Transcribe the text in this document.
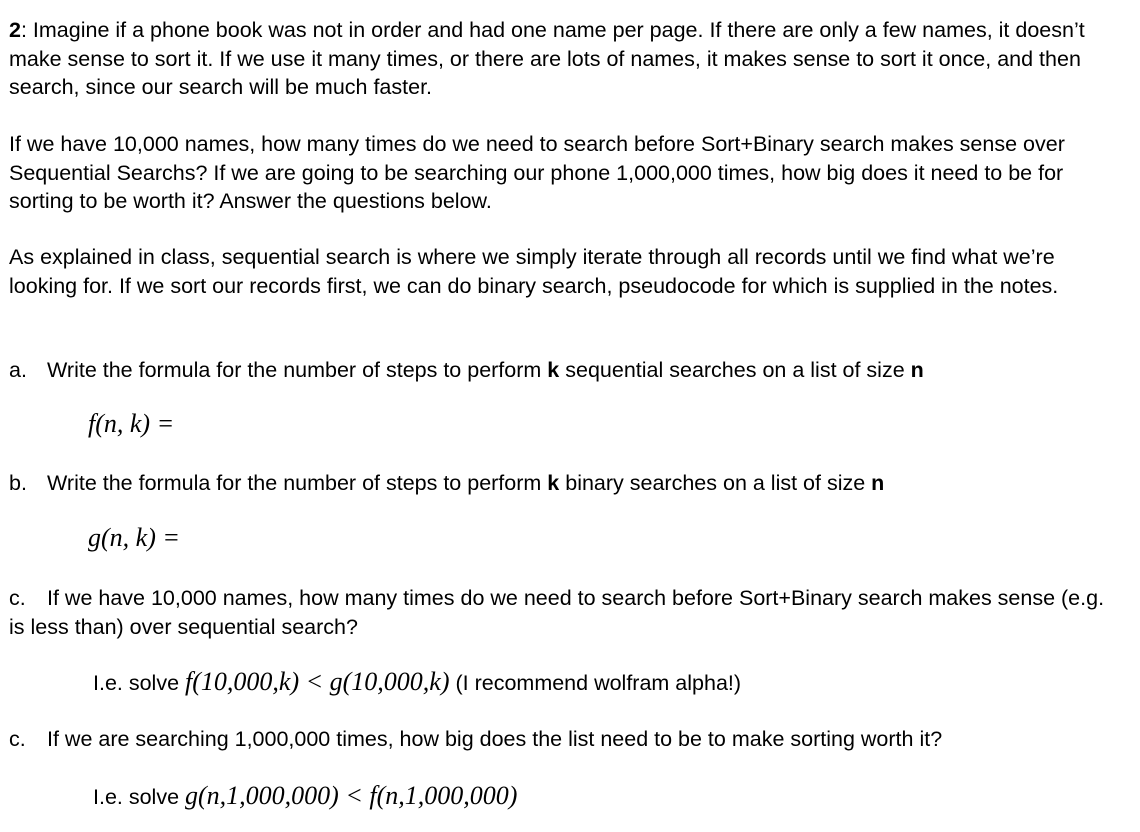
2: Imagine if a phone book was not in order and had one name per page. If there are only a few names, it doesn’t make sense to sort it. If we use it many times, or there are lots of names, it makes sense to sort it once, and then search, since our search will be much faster.

If we have 10,000 names, how many times do we need to search before Sort+Binary search makes sense over Sequential Searchs? If we are going to be searching our phone 1,000,000 times, how big does it need to be for sorting to be worth it? Answer the questions below.

As explained in class, sequential search is where we simply iterate through all records until we find what we’re looking for. If we sort our records first, we can do binary search, pseudocode for which is supplied in the notes.

a. Write the formula for the number of steps to perform k sequential searches on a list of size n

f(n, k) =

b. Write the formula for the number of steps to perform k binary searches on a list of size n

g(n, k) =

c. If we have 10,000 names, how many times do we need to search before Sort+Binary search makes sense (e.g. is less than) over sequential search?

I.e. solve f(10,000,k) < g(10,000,k) (I recommend wolfram alpha!)

c. If we are searching 1,000,000 times, how big does the list need to be to make sorting worth it?

I.e. solve g(n,1,000,000) < f(n,1,000,000)
